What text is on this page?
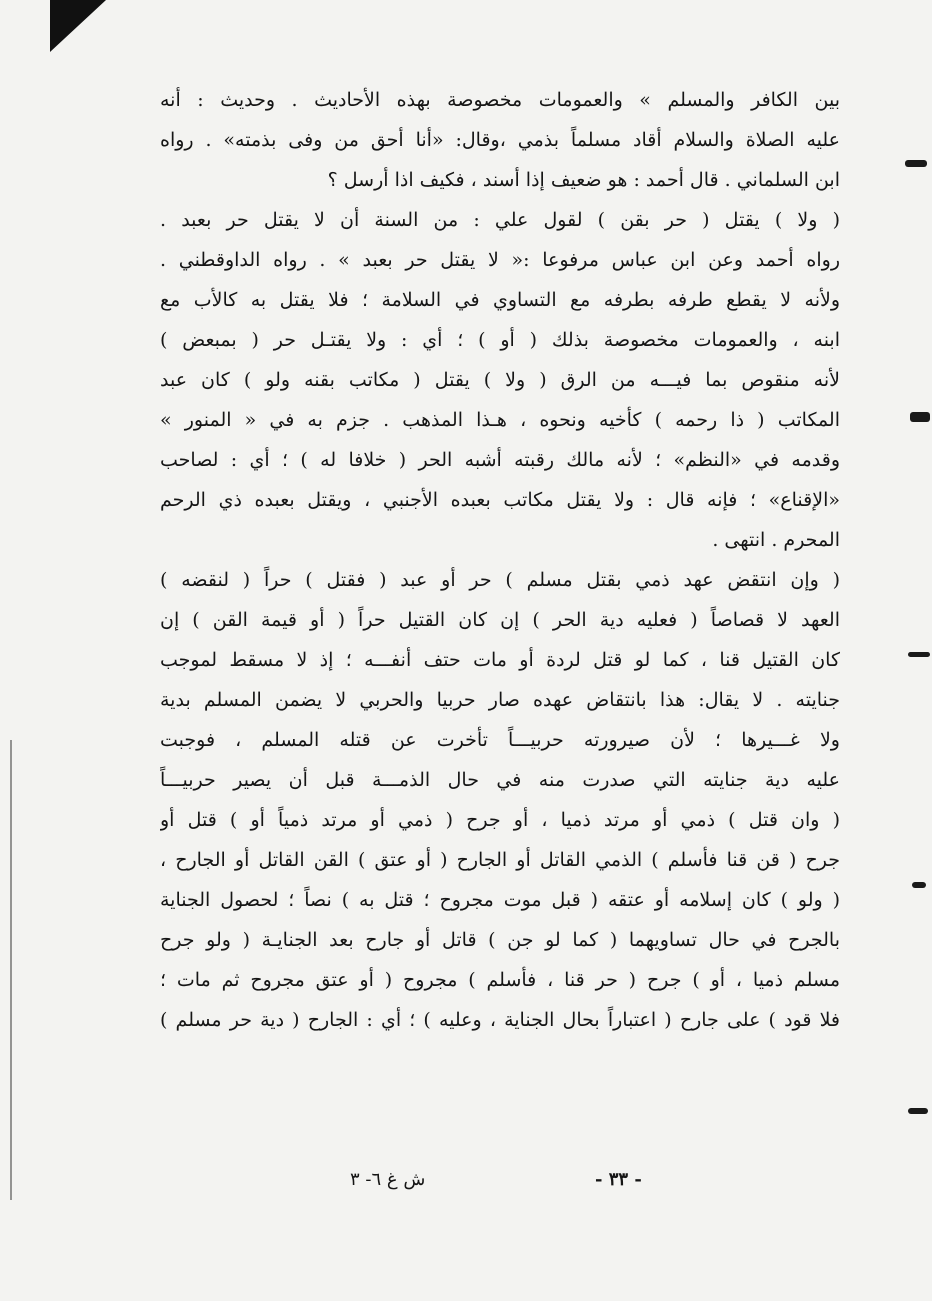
بين الكافر والمسلم » والعمومات مخصوصة بهذه الأحاديث . وحديث : أنه
عليه الصلاة والسلام أقاد مسلماً بذمي ،وقال: «أنا أحق من وفى بذمته» . رواه
ابن السلماني . قال أحمد : هو ضعيف إذا أسند ، فكيف اذا أرسل ؟
( ولا ) يقتل ( حر بقن ) لقول علي : من السنة أن لا يقتل حر بعبد .
رواه أحمد وعن ابن عباس مرفوعا :« لا يقتل حر بعبد » . رواه الداوقطني .
ولأنه لا يقطع طرفه بطرفه مع التساوي في السلامة ؛ فلا يقتل به كالأب مع
ابنه ، والعمومات مخصوصة بذلك ( أو ) ؛ أي : ولا يقتـل حر ( بمبعض )
لأنه منقوص بما فيـــه من الرق ( ولا ) يقتل ( مكاتب بقنه ولو ) كان عبد
المكاتب ( ذا رحمه ) كأخيه ونحوه ، هـذا المذهب . جزم به في « المنور »
وقدمه في «النظم» ؛ لأنه مالك رقبته أشبه الحر ( خلافا له ) ؛ أي : لصاحب
«الإقناع» ؛ فإنه قال : ولا يقتل مكاتب بعبده الأجنبي ، ويقتل بعبده ذي الرحم
المحرم . انتهى .
( وإن انتقض عهد ذمي بقتل مسلم ) حر أو عبد ( فقتل ) حراً ( لنقضه )
العهد لا قصاصاً ( فعليه دية الحر ) إن كان القتيل حراً ( أو قيمة القن ) إن
كان القتيل قنا ، كما لو قتل لردة أو مات حتف أنفـــه ؛ إذ لا مسقط لموجب
جنايته . لا يقال: هذا بانتقاض عهده صار حربيا والحربي لا يضمن المسلم بدية
ولا غـــيرها ؛ لأن صيرورته حربيـــاً تأخرت عن قتله المسلم ، فوجبت
عليه دية جنايته التي صدرت منه في حال الذمـــة قبل أن يصير حربيـــاً
( وان قتل ) ذمي أو مرتد ذميا ، أو جرح ( ذمي أو مرتد ذمياً أو ) قتل أو
جرح ( قن قنا فأسلم ) الذمي القاتل أو الجارح ( أو عتق ) القن القاتل أو الجارح ،
( ولو ) كان إسلامه أو عتقه ( قبل موت مجروح ؛ قتل به ) نصاً ؛ لحصول الجناية
بالجرح في حال تساويهما ( كما لو جن ) قاتل أو جارح بعد الجنايـة ( ولو جرح
مسلم ذميا ، أو ) جرح ( حر قنا ، فأسلم ) مجروح ( أو عتق مجروح ثم مات ؛
فلا قود ) على جارح ( اعتباراً بحال الجناية ، وعليه ) ؛ أي : الجارح ( دية حر مسلم )
ش غ ٦- ٣	- ٣٣ -
